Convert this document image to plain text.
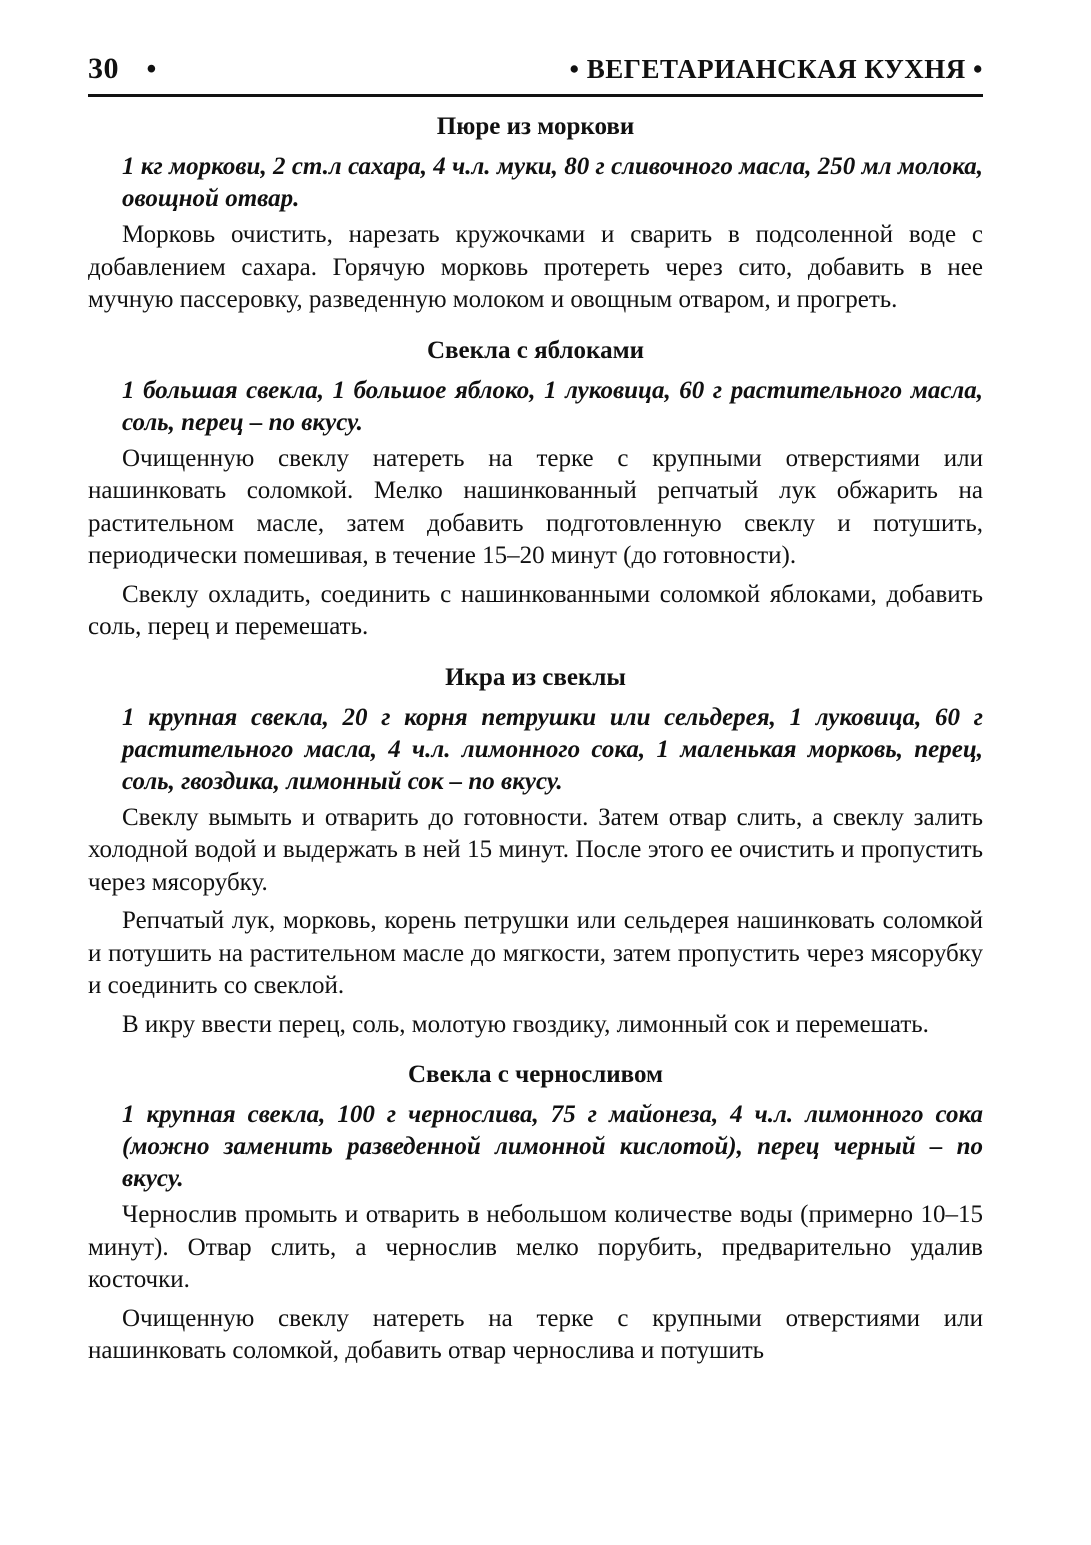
30 •	• ВЕГЕТАРИАНСКАЯ КУХНЯ •
Пюре из моркови
1 кг моркови, 2 ст.л сахара, 4 ч.л. муки, 80 г сливочного масла, 250 мл молока, овощной отвар.

Морковь очистить, нарезать кружочками и сварить в подсоленной воде с добавлением сахара. Горячую морковь протереть через сито, добавить в нее мучную пассеровку, разведенную молоком и овощным отваром, и прогреть.

Свекла с яблоками
1 большая свекла, 1 большое яблоко, 1 луковица, 60 г растительного масла, соль, перец – по вкусу.

Очищенную свеклу натереть на терке с крупными отверстиями или нашинковать соломкой. Мелко нашинкованный репчатый лук обжарить на растительном масле, затем добавить подготовленную свеклу и потушить, периодически помешивая, в течение 15–20 минут (до готовности).

Свеклу охладить, соединить с нашинкованными соломкой яблоками, добавить соль, перец и перемешать.

Икра из свеклы
1 крупная свекла, 20 г корня петрушки или сельдерея, 1 луковица, 60 г растительного масла, 4 ч.л. лимонного сока, 1 маленькая морковь, перец, соль, гвоздика, лимонный сок – по вкусу.

Свеклу вымыть и отварить до готовности. Затем отвар слить, а свеклу залить холодной водой и выдержать в ней 15 минут. После этого ее очистить и пропустить через мясорубку.

Репчатый лук, морковь, корень петрушки или сельдерея нашинковать соломкой и потушить на растительном масле до мягкости, затем пропустить через мясорубку и соединить со свеклой.

В икру ввести перец, соль, молотую гвоздику, лимонный сок и перемешать.

Свекла с черносливом
1 крупная свекла, 100 г чернослива, 75 г майонеза, 4 ч.л. лимонного сока (можно заменить разведенной лимонной кислотой), перец черный – по вкусу.

Чернослив промыть и отварить в небольшом количестве воды (примерно 10–15 минут). Отвар слить, а чернослив мелко порубить, предварительно удалив косточки.

Очищенную свеклу натереть на терке с крупными отверстиями или нашинковать соломкой, добавить отвар чернослива и потушить
